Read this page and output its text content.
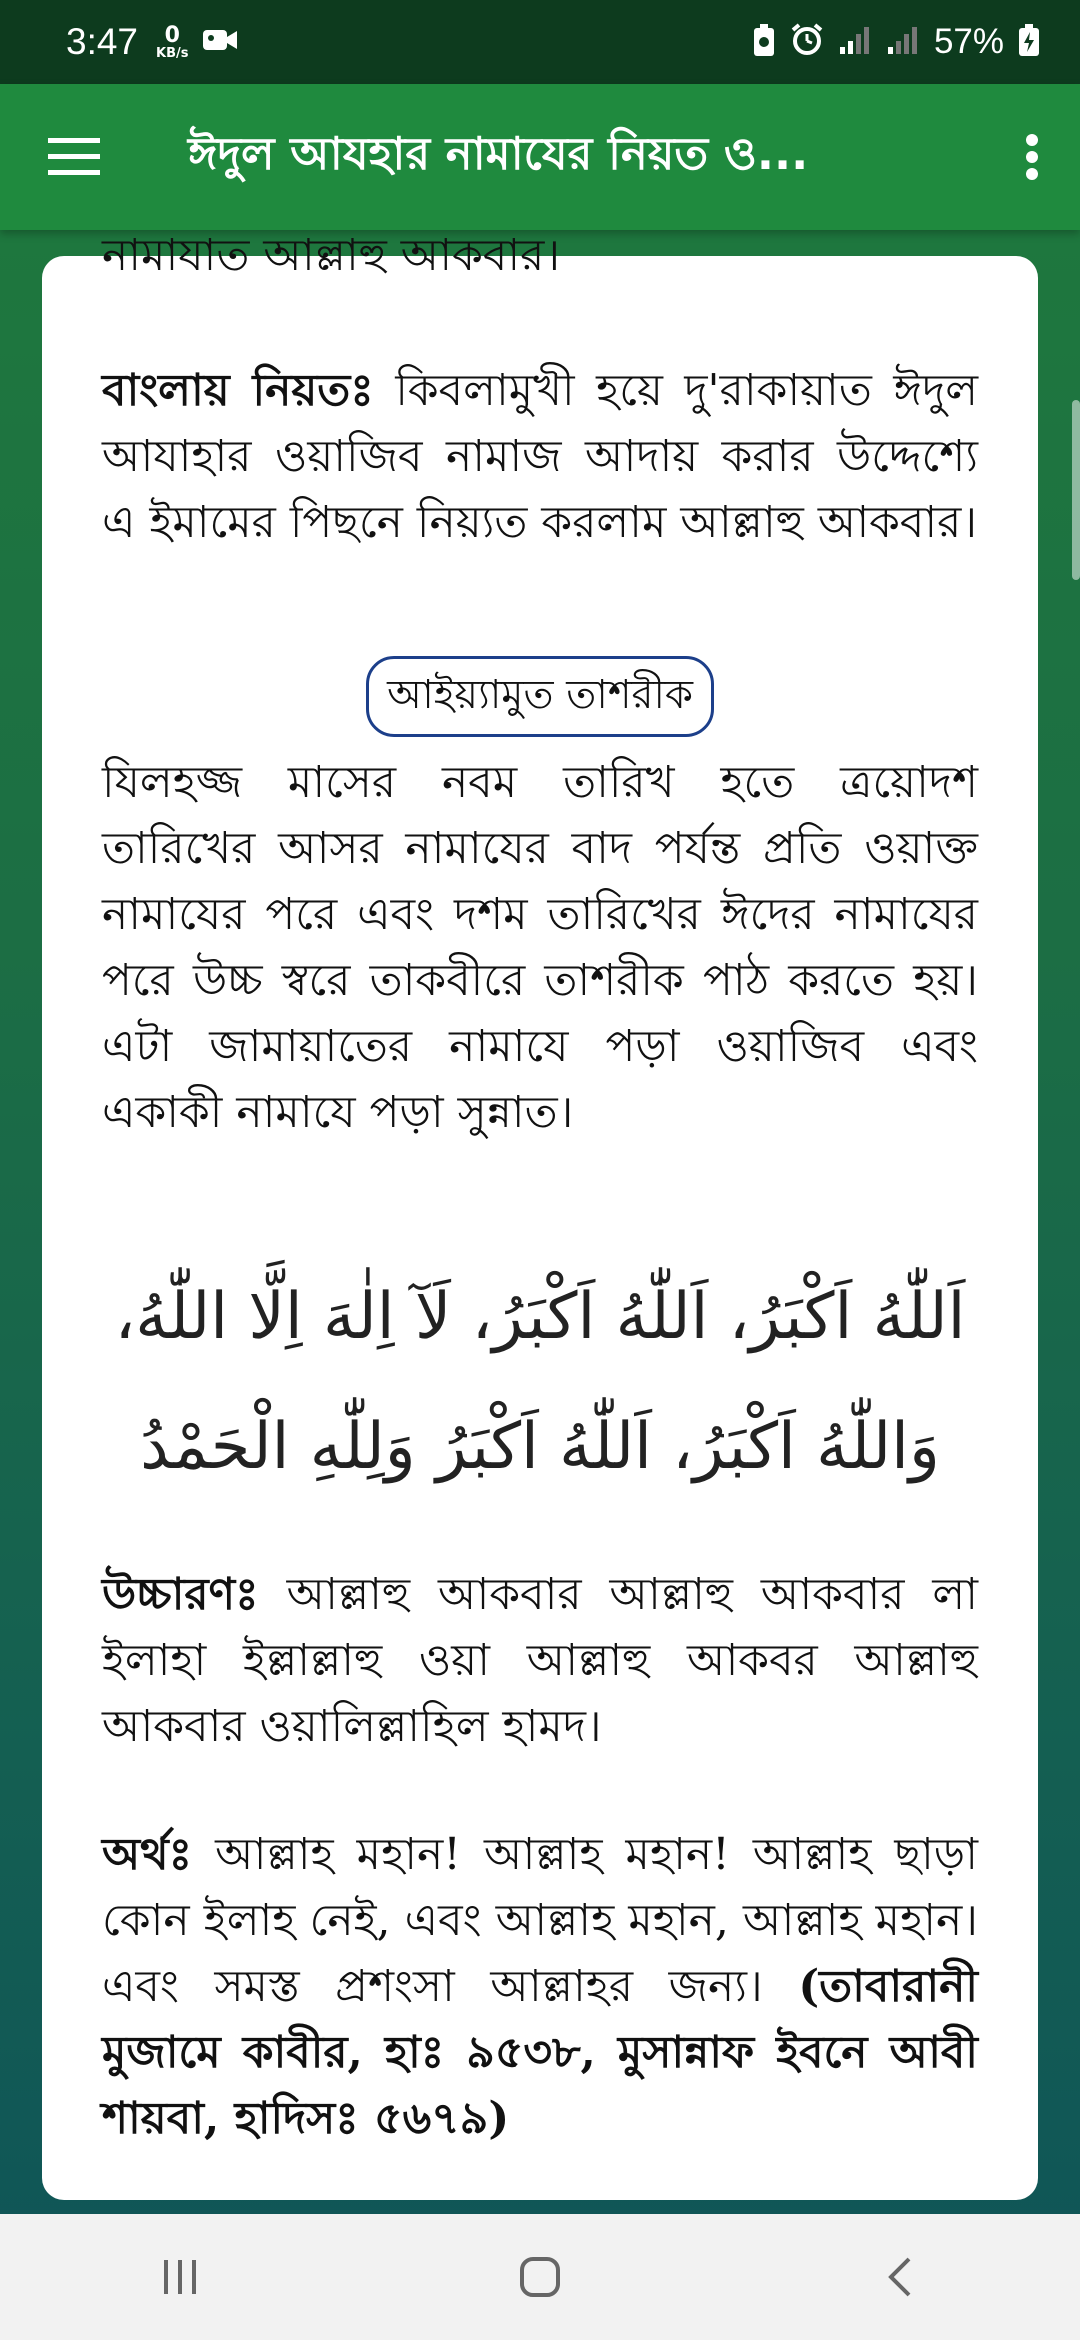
3:47 0
KB/s	57%
ঈদুল আযহার নামাযের নিয়ত ও...
নামাযাত আল্লাহু আকবার।

বাংলায় নিয়তঃ কিবলামুখী হয়ে দু'রাকায়াত ঈদুল আযাহার ওয়াজিব নামাজ আদায় করার উদ্দেশ্যে এ ইমামের পিছনে নিয়্যত করলাম আল্লাহু আকবার।

আইয়্যামুত তাশরীক

যিলহজ্জ মাসের নবম তারিখ হতে ত্রয়োদশ তারিখের আসর নামাযের বাদ পর্যন্ত প্রতি ওয়াক্ত নামাযের পরে এবং দশম তারিখের ঈদের নামাযের পরে উচ্চ স্বরে তাকবীরে তাশরীক পাঠ করতে হয়। এটা জামায়াতের নামাযে পড়া ওয়াজিব এবং একাকী নামাযে পড়া সুন্নাত।

اَللّٰهُ اَكْبَرُ، اَللّٰهُ اَكْبَرُ، لَآ اِلٰهَ اِلَّا اللّٰهُ،
وَاللّٰهُ اَكْبَرُ، اَللّٰهُ اَكْبَرُ وَلِلّٰهِ الْحَمْدُ

উচ্চারণঃ আল্লাহু আকবার আল্লাহু আকবার লা ইলাহা ইল্লাল্লাহু ওয়া আল্লাহু আকবর আল্লাহু আকবার ওয়ালিল্লাহিল হামদ।

অর্থঃ আল্লাহ মহান! আল্লাহ মহান! আল্লাহ ছাড়া কোন ইলাহ নেই, এবং আল্লাহ মহান, আল্লাহ মহান। এবং সমস্ত প্রশংসা আল্লাহর জন্য। (তাবারানী মুজামে কাবীর, হাঃ ৯৫৩৮, মুসান্নাফ ইবনে আবী শায়বা, হাদিসঃ ৫৬৭৯)
